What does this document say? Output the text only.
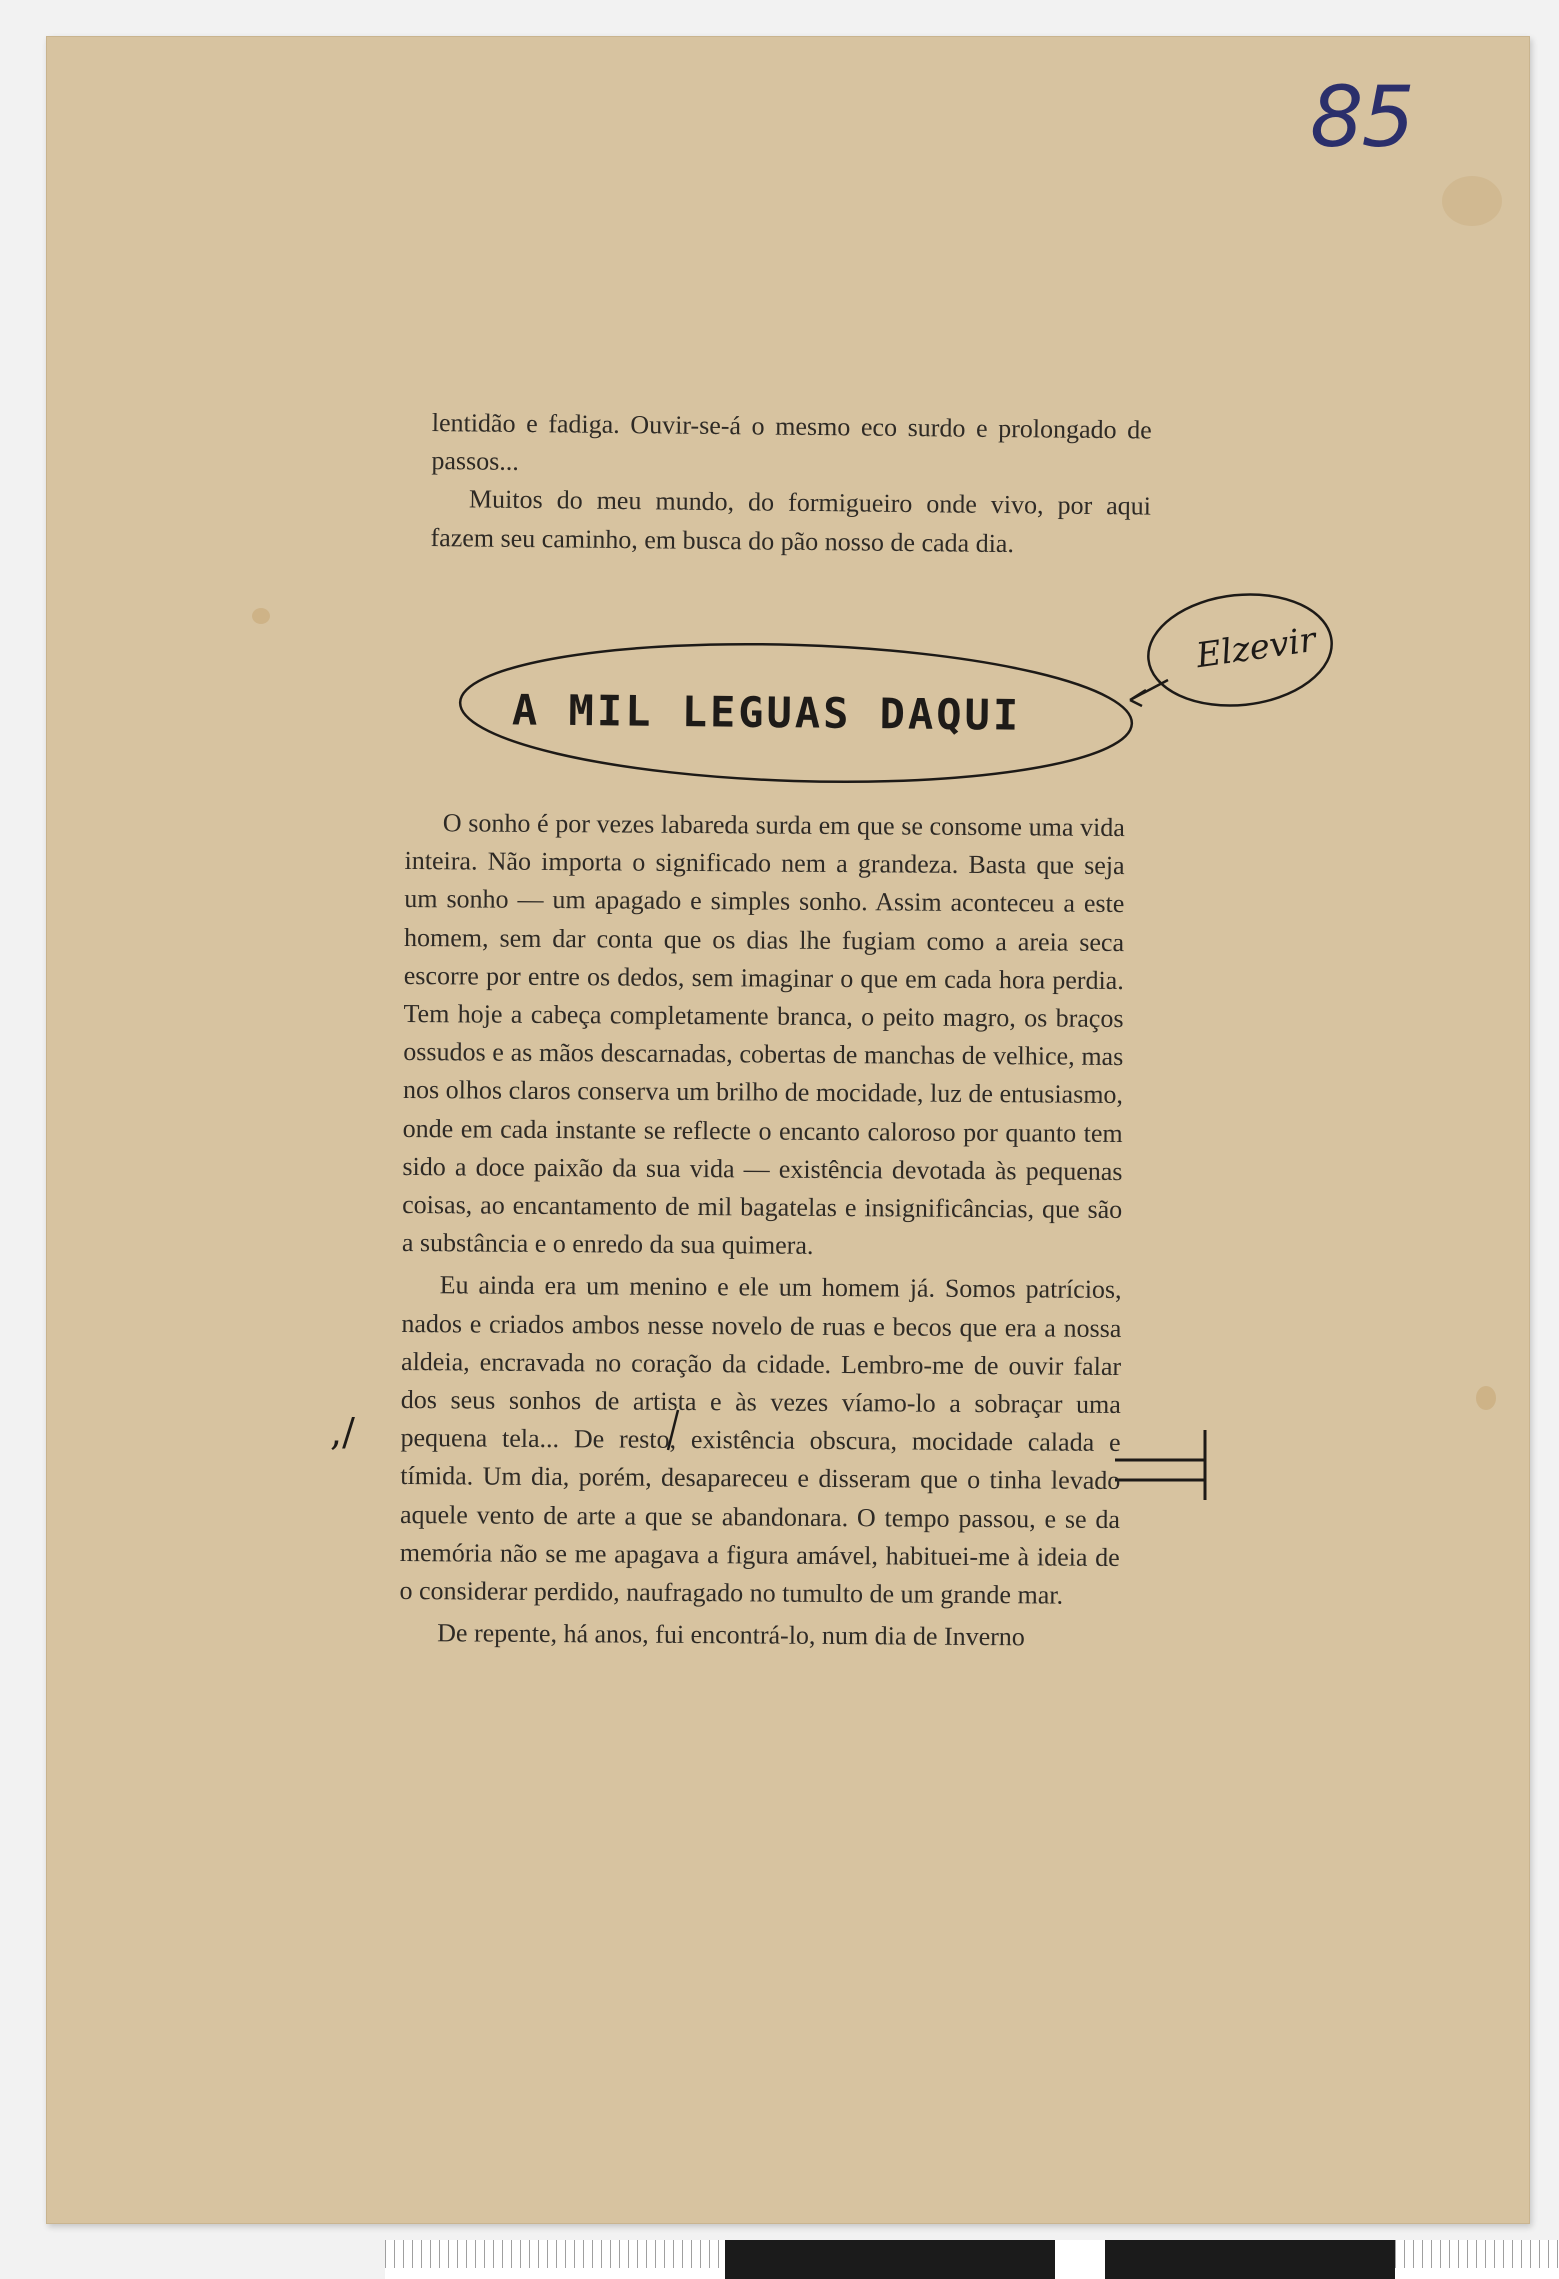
85

lentidão e fadiga. Ouvir-se-á o mesmo eco surdo e prolongado de passos...

Muitos do meu mundo, do formigueiro onde vivo, por aqui fazem seu caminho, em busca do pão nosso de cada dia.

A MIL LEGUAS DAQUI
Elzevir

O sonho é por vezes labareda surda em que se consome uma vida inteira. Não importa o significado nem a grandeza. Basta que seja um sonho — um apagado e simples sonho. Assim aconteceu a este homem, sem dar conta que os dias lhe fugiam como a areia seca escorre por entre os dedos, sem imaginar o que em cada hora perdia. Tem hoje a cabeça completamente branca, o peito magro, os braços ossudos e as mãos descarnadas, cobertas de manchas de velhice, mas nos olhos claros conserva um brilho de mocidade, luz de entusiasmo, onde em cada instante se reflecte o encanto caloroso por quanto tem sido a doce paixão da sua vida — existência devotada às pequenas coisas, ao encantamento de mil bagatelas e insignificâncias, que são a substância e o enredo da sua quimera.

Eu ainda era um menino e ele um homem já. Somos patrícios, nados e criados ambos nesse novelo de ruas e becos que era a nossa aldeia, encravada no coração da cidade. Lembro-me de ouvir falar dos seus sonhos de artista e às vezes víamo-lo a sobraçar uma pequena tela... De resto, existência obscura, mocidade calada e tímida. Um dia, porém, desapareceu e disseram que o tinha levado aquele vento de arte a que se abandonara. O tempo passou, e se da memória não se me apagava a figura amável, habituei-me à ideia de o considerar perdido, naufragado no tumulto de um grande mar.

De repente, há anos, fui encontrá-lo, num dia de Inverno

,/
